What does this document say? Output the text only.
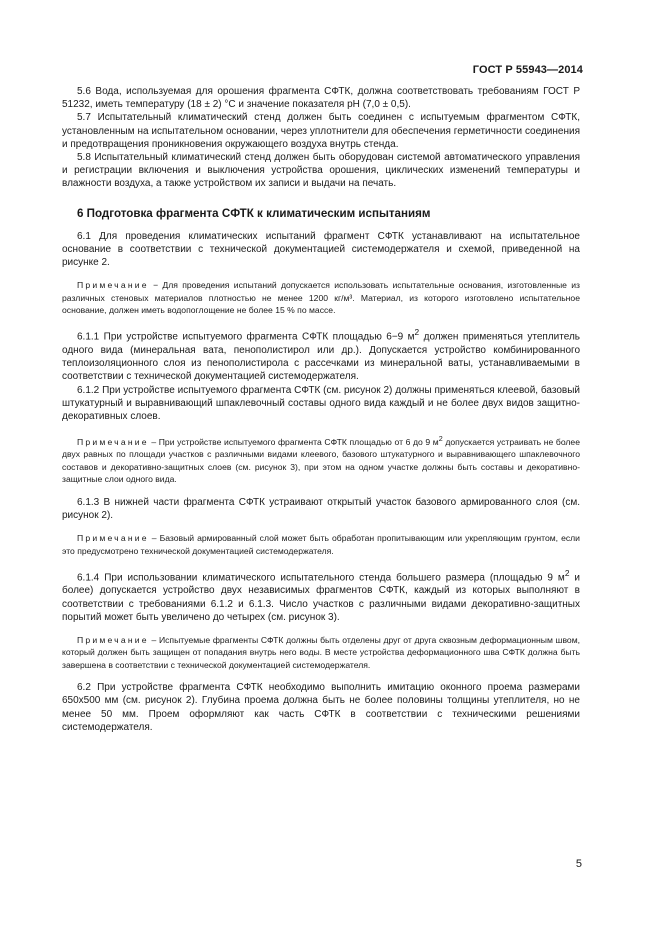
ГОСТ Р 55943—2014

5.6 Вода, используемая для орошения фрагмента СФТК, должна соответствовать требованиям ГОСТ Р 51232, иметь температуру (18 ± 2) °С и значение показателя рН (7,0 ± 0,5).

5.7 Испытательный климатический стенд должен быть соединен с испытуемым фрагментом СФТК, установленным на испытательном основании, через уплотнители для обеспечения герметичности соединения и предотвращения проникновения окружающего воздуха внутрь стенда.

5.8 Испытательный климатический стенд должен быть оборудован системой автоматического управления и регистрации включения и выключения устройства орошения, циклических изменений температуры и влажности воздуха, а также устройством их записи и выдачи на печать.

6 Подготовка фрагмента СФТК к климатическим испытаниям

6.1 Для проведения климатических испытаний фрагмент СФТК устанавливают на испытательное основание в соответствии с технической документацией системодержателя и схемой, приведенной на рисунке 2.

Примечание − Для проведения испытаний допускается использовать испытательные основания, изготовленные из различных стеновых материалов плотностью не менее 1200 кг/м³. Материал, из которого изготовлено испытательное основание, должен иметь водопоглощение не более 15 % по массе.

6.1.1 При устройстве испытуемого фрагмента СФТК площадью 6−9 $м^2$ должен применяться утеплитель одного вида (минеральная вата, пенополистирол или др.). Допускается устройство комбинированного теплоизоляционного слоя из пенополистирола с рассечками из минеральной ваты, устанавливаемыми в соответствии с технической документацией системодержателя.

6.1.2 При устройстве испытуемого фрагмента СФТК (см. рисунок 2) должны применяться клеевой, базовый штукатурный и выравнивающий шпаклевочный составы одного вида каждый и не более двух видов защитно-декоративных слоев.

Примечание – При устройстве испытуемого фрагмента СФТК площадью от 6 до 9 $м^2$ допускается устраивать не более двух равных по площади участков с различными видами клеевого, базового штукатурного и выравнивающего шпаклевочного составов и декоративно-защитных слоев (см. рисунок 3), при этом на одном участке должны быть составы и декоративно-защитные слои одного вида.

6.1.3 В нижней части фрагмента СФТК устраивают открытый участок базового армированного слоя (см. рисунок 2).

Примечание – Базовый армированный слой может быть обработан пропитывающим или укрепляющим грунтом, если это предусмотрено технической документацией системодержателя.

6.1.4 При использовании климатического испытательного стенда большего размера (площадью 9 $м^2$ и более) допускается устройство двух независимых фрагментов СФТК, каждый из которых выполняют в соответствии с требованиями 6.1.2 и 6.1.3. Число участков с различными видами декоративно-защитных порытий может быть увеличено до четырех (см. рисунок 3).

Примечание – Испытуемые фрагменты СФТК должны быть отделены друг от друга сквозным деформационным швом, который должен быть защищен от попадания внутрь него воды. В месте устройства деформационного шва СФТК должна быть завершена в соответствии с технической документацией системодержателя.

6.2 При устройстве фрагмента СФТК необходимо выполнить имитацию оконного проема размерами 650х500 мм (см. рисунок 2). Глубина проема должна быть не более половины толщины утеплителя, но не менее 50 мм. Проем оформляют как часть СФТК в соответствии с техническими решениями системодержателя.

5
